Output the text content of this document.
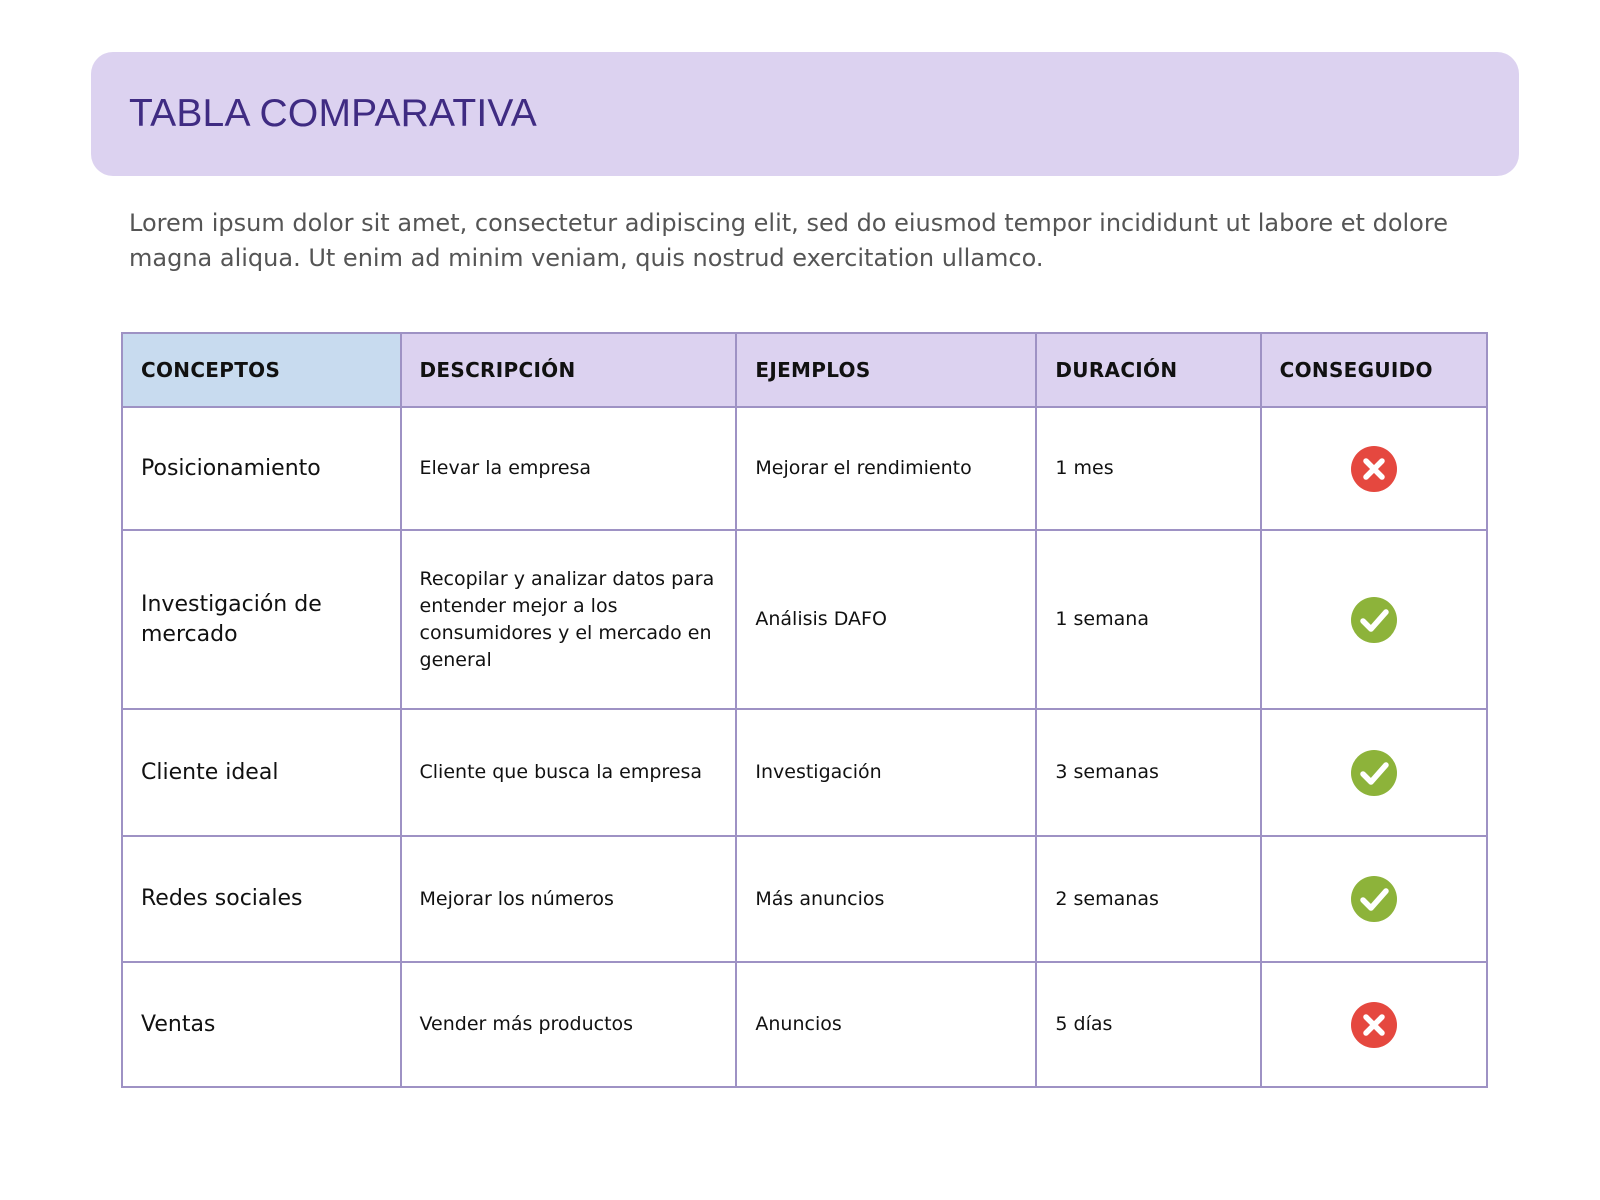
TABLA COMPARATIVA

Lorem ipsum dolor sit amet, consectetur adipiscing elit, sed do eiusmod tempor incididunt ut labore et dolore magna aliqua. Ut enim ad minim veniam, quis nostrud exercitation ullamco.

CONCEPTOS	DESCRIPCIÓN	EJEMPLOS	DURACIÓN	CONSEGUIDO
Posicionamiento	Elevar la empresa	Mejorar el rendimiento	1 mes	

Investigación de mercado	Recopilar y analizar datos para entender mejor a los consumidores y el mercado en general	Análisis DAFO	1 semana	

Cliente ideal	Cliente que busca la empresa	Investigación	3 semanas	

Redes sociales	Mejorar los números	Más anuncios	2 semanas	

Ventas	Vender más productos	Anuncios	5 días	
